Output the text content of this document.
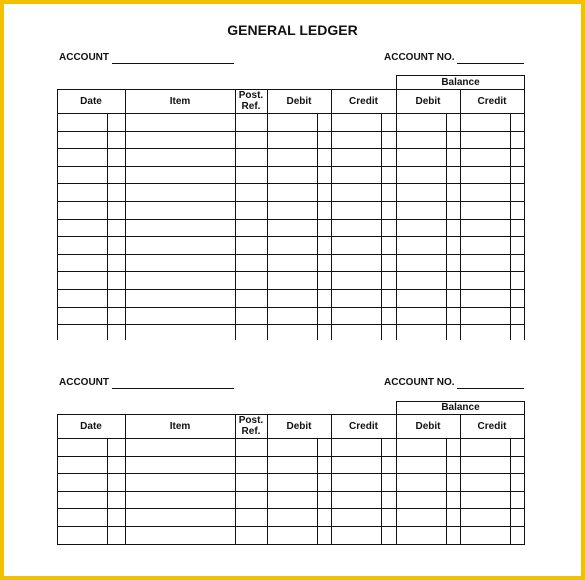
GENERAL LEDGER
ACCOUNT	ACCOUNT NO.
Balance
Date	Item	Post. Ref.	Debit	Credit	Debit	Credit
ACCOUNT	ACCOUNT NO.
Balance
Date	Item	Post. Ref.	Debit	Credit	Debit	Credit
